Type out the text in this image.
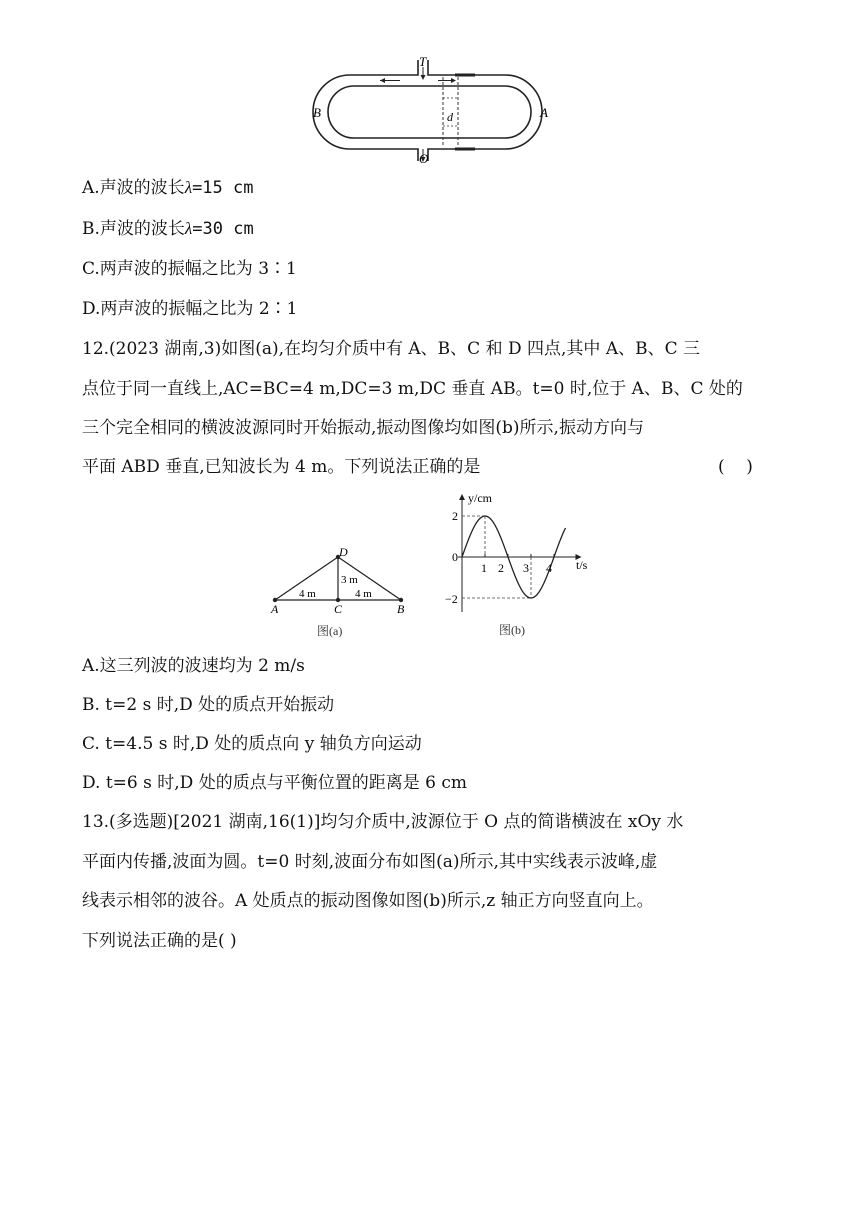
T
O
B	A
d
A.声波的波长λ=15 cm
B.声波的波长λ=30 cm
C.两声波的振幅之比为 3∶1
D.两声波的振幅之比为 2∶1
12.(2023 湖南,3)如图(a),在均匀介质中有 A、B、C 和 D 四点,其中 A、B、C 三
点位于同一直线上,AC=BC=4 m,DC=3 m,DC 垂直 AB。t=0 时,位于 A、B、C 处的
三个完全相同的横波波源同时开始振动,振动图像均如图(b)所示,振动方向与
平面 ABD 垂直,已知波长为 4 m。下列说法正确的是	(    )
D
A	C	B
4 m	4 m
3 m
图(a)
y/cm
t/s
0
2
−2
1 2 3 4
图(b)
A.这三列波的波速均为 2 m/s
B. t=2 s 时,D 处的质点开始振动
C. t=4.5 s 时,D 处的质点向 y 轴负方向运动
D. t=6 s 时,D 处的质点与平衡位置的距离是 6 cm
13.(多选题)[2021 湖南,16(1)]均匀介质中,波源位于 O 点的简谐横波在 xOy 水
平面内传播,波面为圆。t=0 时刻,波面分布如图(a)所示,其中实线表示波峰,虚
线表示相邻的波谷。A 处质点的振动图像如图(b)所示,z 轴正方向竖直向上。
下列说法正确的是( )
